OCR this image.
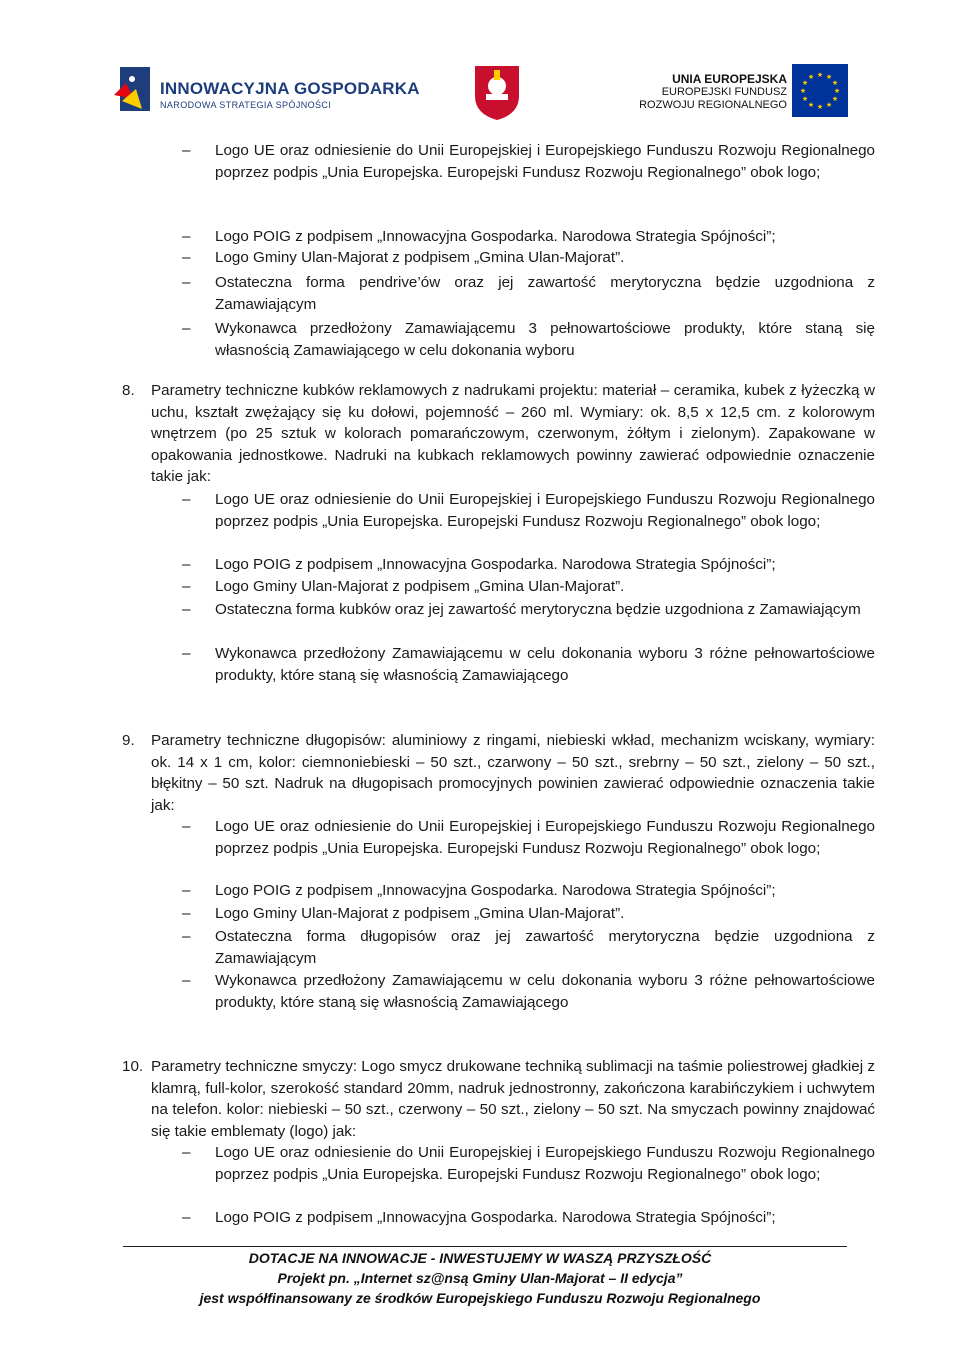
INNOWACYJNA GOSPODARKA
NARODOWA STRATEGIA SPÓJNOŚCI
UNIA EUROPEJSKA
EUROPEJSKI FUNDUSZ
ROZWOJU REGIONALNEGO
★ ★
★
★
★
★
★
★
★
★
★
★
– Logo UE oraz odniesienie do Unii Europejskiej i Europejskiego Funduszu Rozwoju Regionalnego poprzez podpis „Unia Europejska. Europejski Fundusz Rozwoju Regionalnego” obok logo;
– Logo POIG z podpisem „Innowacyjna Gospodarka. Narodowa Strategia Spójności”;
– Logo Gminy Ulan-Majorat z podpisem „Gmina Ulan-Majorat”.
– Ostateczna forma pendrive’ów oraz jej zawartość merytoryczna będzie uzgodniona z Zamawiającym
– Wykonawca przedłożony Zamawiającemu 3 pełnowartościowe produkty, które staną się własnością Zamawiającego w celu dokonania wyboru
8. Parametry techniczne kubków reklamowych z nadrukami projektu: materiał – ceramika, kubek z łyżeczką w uchu, kształt zwężający się ku dołowi, pojemność – 260 ml. Wymiary: ok. 8,5 x 12,5 cm. z kolorowym wnętrzem (po 25 sztuk w kolorach pomarańczowym, czerwonym, żółtym i zielonym). Zapakowane w opakowania jednostkowe. Nadruki na kubkach reklamowych powinny zawierać odpowiednie oznaczenie takie jak:
– Logo UE oraz odniesienie do Unii Europejskiej i Europejskiego Funduszu Rozwoju Regionalnego poprzez podpis „Unia Europejska. Europejski Fundusz Rozwoju Regionalnego” obok logo;
– Logo POIG z podpisem „Innowacyjna Gospodarka. Narodowa Strategia Spójności”;
– Logo Gminy Ulan-Majorat z podpisem „Gmina Ulan-Majorat”.
– Ostateczna forma kubków oraz jej zawartość merytoryczna będzie uzgodniona z Zamawiającym
– Wykonawca przedłożony Zamawiającemu w celu dokonania wyboru 3 różne pełnowartościowe produkty, które staną się własnością Zamawiającego
9. Parametry techniczne długopisów: aluminiowy z ringami, niebieski wkład, mechanizm wciskany, wymiary: ok. 14 x 1 cm, kolor: ciemnoniebieski – 50 szt., czarwony – 50 szt., srebrny – 50 szt., zielony – 50 szt., błękitny – 50 szt. Nadruk na długopisach promocyjnych powinien zawierać odpowiednie oznaczenia takie jak:
– Logo UE oraz odniesienie do Unii Europejskiej i Europejskiego Funduszu Rozwoju Regionalnego poprzez podpis „Unia Europejska. Europejski Fundusz Rozwoju Regionalnego” obok logo;
– Logo POIG z podpisem „Innowacyjna Gospodarka. Narodowa Strategia Spójności”;
– Logo Gminy Ulan-Majorat z podpisem „Gmina Ulan-Majorat”.
– Ostateczna forma długopisów oraz jej zawartość merytoryczna będzie uzgodniona z Zamawiającym
– Wykonawca przedłożony Zamawiającemu w celu dokonania wyboru 3 różne pełnowartościowe produkty, które staną się własnością Zamawiającego
10. Parametry techniczne smyczy: Logo smycz drukowane techniką sublimacji na taśmie poliestrowej gładkiej z klamrą, full-kolor, szerokość standard 20mm, nadruk jednostronny, zakończona karabińczykiem i uchwytem na telefon. kolor: niebieski – 50 szt., czerwony – 50 szt., zielony – 50 szt. Na smyczach powinny znajdować się takie emblematy (logo) jak:
– Logo UE oraz odniesienie do Unii Europejskiej i Europejskiego Funduszu Rozwoju Regionalnego poprzez podpis „Unia Europejska. Europejski Fundusz Rozwoju Regionalnego” obok logo;
– Logo POIG z podpisem „Innowacyjna Gospodarka. Narodowa Strategia Spójności”;
DOTACJE NA INNOWACJE - INWESTUJEMY W WASZĄ PRZYSZŁOŚĆ
Projekt pn. „Internet sz@nsą Gminy Ulan-Majorat – II edycja”
jest współfinansowany ze środków Europejskiego Funduszu Rozwoju Regionalnego
